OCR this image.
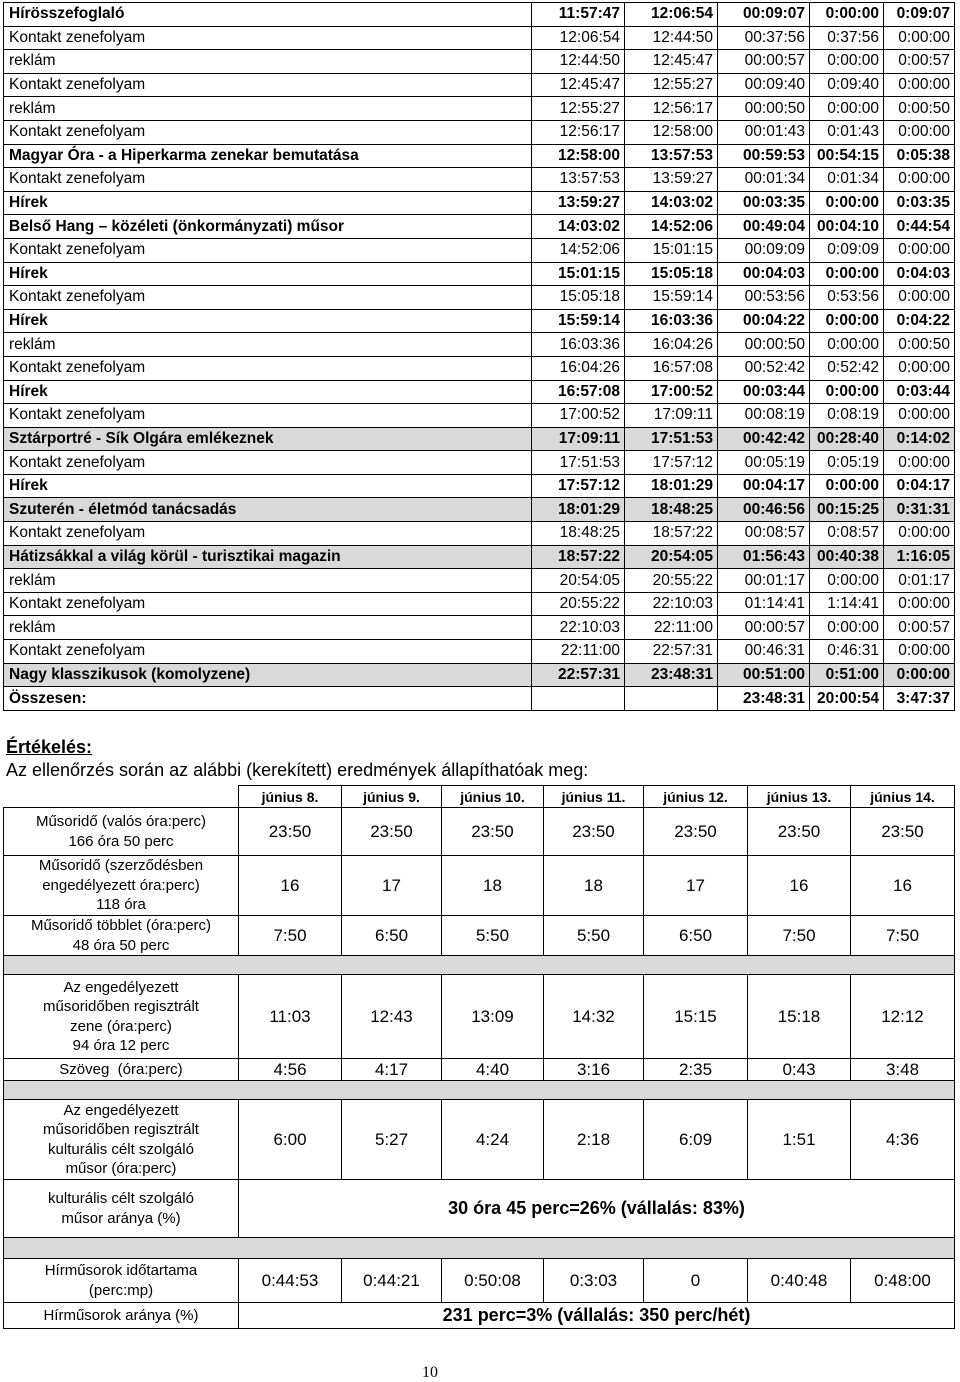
Hírösszefoglaló	11:57:47	12:06:54	00:09:07	0:00:00	0:09:07
Kontakt zenefolyam	12:06:54	12:44:50	00:37:56	0:37:56	0:00:00
reklám	12:44:50	12:45:47	00:00:57	0:00:00	0:00:57
Kontakt zenefolyam	12:45:47	12:55:27	00:09:40	0:09:40	0:00:00
reklám	12:55:27	12:56:17	00:00:50	0:00:00	0:00:50
Kontakt zenefolyam	12:56:17	12:58:00	00:01:43	0:01:43	0:00:00
Magyar Óra - a Hiperkarma zenekar bemutatása	12:58:00	13:57:53	00:59:53	00:54:15	0:05:38
Kontakt zenefolyam	13:57:53	13:59:27	00:01:34	0:01:34	0:00:00
Hírek	13:59:27	14:03:02	00:03:35	0:00:00	0:03:35
Belső Hang – közéleti (önkormányzati) műsor	14:03:02	14:52:06	00:49:04	00:04:10	0:44:54
Kontakt zenefolyam	14:52:06	15:01:15	00:09:09	0:09:09	0:00:00
Hírek	15:01:15	15:05:18	00:04:03	0:00:00	0:04:03
Kontakt zenefolyam	15:05:18	15:59:14	00:53:56	0:53:56	0:00:00
Hírek	15:59:14	16:03:36	00:04:22	0:00:00	0:04:22
reklám	16:03:36	16:04:26	00:00:50	0:00:00	0:00:50
Kontakt zenefolyam	16:04:26	16:57:08	00:52:42	0:52:42	0:00:00
Hírek	16:57:08	17:00:52	00:03:44	0:00:00	0:03:44
Kontakt zenefolyam	17:00:52	17:09:11	00:08:19	0:08:19	0:00:00
Sztárportré - Sík Olgára emlékeznek	17:09:11	17:51:53	00:42:42	00:28:40	0:14:02
Kontakt zenefolyam	17:51:53	17:57:12	00:05:19	0:05:19	0:00:00
Hírek	17:57:12	18:01:29	00:04:17	0:00:00	0:04:17
Szuterén - életmód tanácsadás	18:01:29	18:48:25	00:46:56	00:15:25	0:31:31
Kontakt zenefolyam	18:48:25	18:57:22	00:08:57	0:08:57	0:00:00
Hátizsákkal a világ körül - turisztikai magazin	18:57:22	20:54:05	01:56:43	00:40:38	1:16:05
reklám	20:54:05	20:55:22	00:01:17	0:00:00	0:01:17
Kontakt zenefolyam	20:55:22	22:10:03	01:14:41	1:14:41	0:00:00
reklám	22:10:03	22:11:00	00:00:57	0:00:00	0:00:57
Kontakt zenefolyam	22:11:00	22:57:31	00:46:31	0:46:31	0:00:00
Nagy klasszikusok (komolyzene)	22:57:31	23:48:31	00:51:00	0:51:00	0:00:00
Összesen:			23:48:31	20:00:54	3:47:37
Értékelés:
Az ellenőrzés során az alábbi (kerekített) eredmények állapíthatóak meg:
	június 8.	június 9.	június 10.	június 11.	június 12.	június 13.	június 14.

Műsoridő (valós óra:perc)
166 óra 50 perc	23:50	23:50	23:50	23:50	23:50	23:50	23:50

Műsoridő (szerződésben engedélyezett óra:perc)
118 óra	16	17	18	18	17	16	16

Műsoridő többlet (óra:perc)
48 óra 50 perc	7:50	6:50	5:50	5:50	6:50	7:50	7:50

Az engedélyezett műsoridőben regisztrált zene (óra:perc)
94 óra 12 perc	11:03	12:43	13:09	14:32	15:15	15:18	12:12
Szöveg  (óra:perc)	4:56	4:17	4:40	3:16	2:35	0:43	3:48

Az engedélyezett műsoridőben regisztrált kulturális célt szolgáló műsor (óra:perc)	6:00	5:27	4:24	2:18	6:09	1:51	4:36
kulturális célt szolgáló műsor aránya (%)	30 óra 45 perc=26% (vállalás: 83%)						

Hírműsorok időtartama (perc:mp)	0:44:53	0:44:21	0:50:08	0:3:03	0	0:40:48	0:48:00
Hírműsorok aránya (%)	231 perc=3% (vállalás: 350 perc/hét)						
10
